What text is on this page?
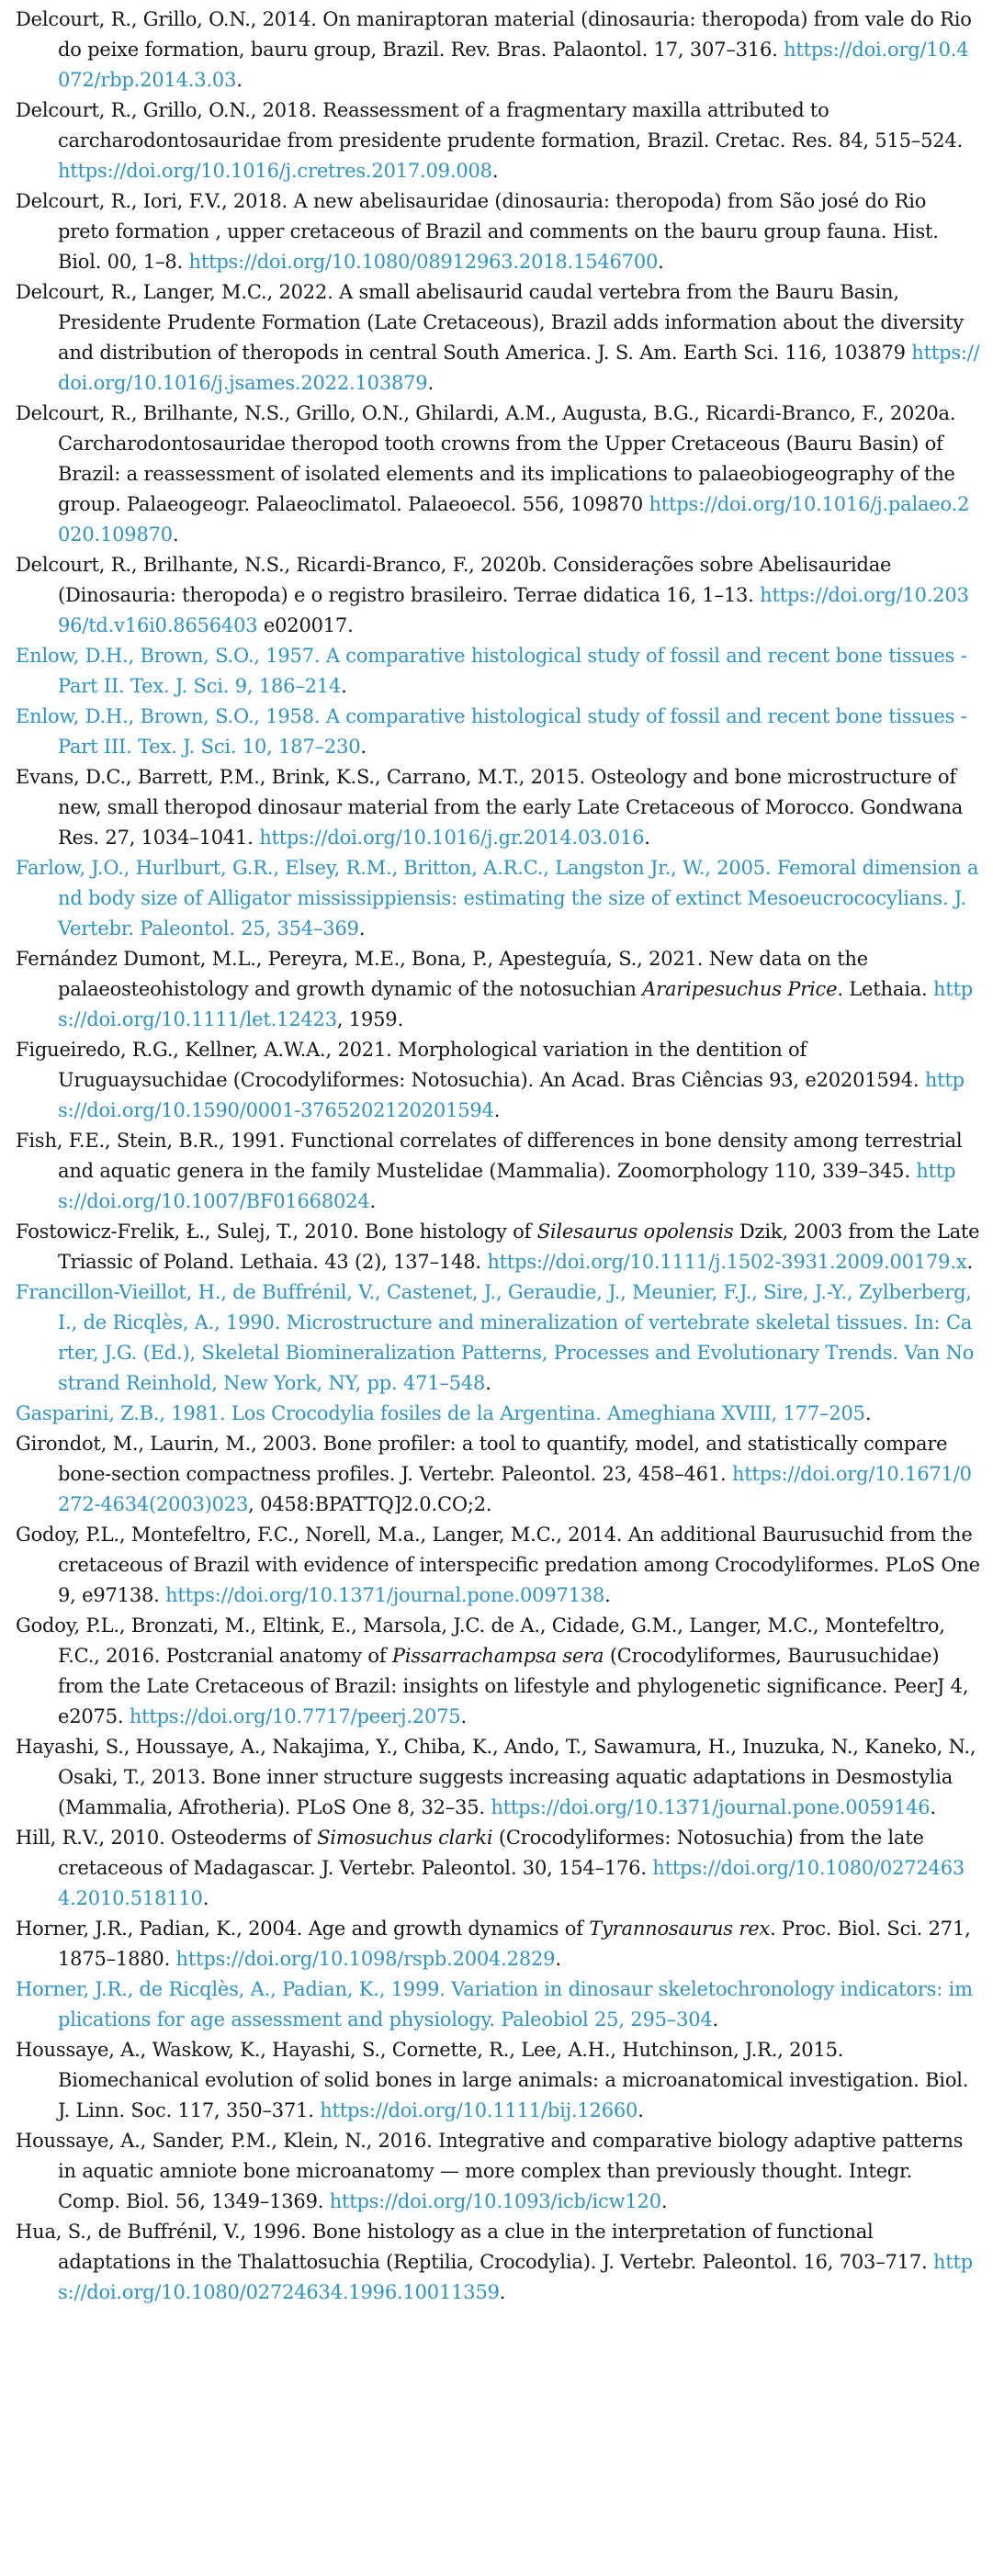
Delcourt, R., Grillo, O.N., 2014. On maniraptoran material (dinosauria: theropoda) from vale do Rio do peixe formation, bauru group, Brazil. Rev. Bras. Palaontol. 17, 307–316. https://doi.org/10.4072/rbp.2014.3.03.

Delcourt, R., Grillo, O.N., 2018. Reassessment of a fragmentary maxilla attributed to carcharodontosauridae from presidente prudente formation, Brazil. Cretac. Res. 84, 515–524. https://doi.org/10.1016/j.cretres.2017.09.008.

Delcourt, R., Iori, F.V., 2018. A new abelisauridae (dinosauria: theropoda) from São josé do Rio preto formation , upper cretaceous of Brazil and comments on the bauru group fauna. Hist. Biol. 00, 1–8. https://doi.org/10.1080/08912963.2018.1546700.

Delcourt, R., Langer, M.C., 2022. A small abelisaurid caudal vertebra from the Bauru Basin, Presidente Prudente Formation (Late Cretaceous), Brazil adds information about the diversity and distribution of theropods in central South America. J. S. Am. Earth Sci. 116, 103879 https://doi.org/10.1016/j.jsames.2022.103879.

Delcourt, R., Brilhante, N.S., Grillo, O.N., Ghilardi, A.M., Augusta, B.G., Ricardi-Branco, F., 2020a. Carcharodontosauridae theropod tooth crowns from the Upper Cretaceous (Bauru Basin) of Brazil: a reassessment of isolated elements and its implications to palaeobiogeography of the group. Palaeogeogr. Palaeoclimatol. Palaeoecol. 556, 109870 https://doi.org/10.1016/j.palaeo.2020.109870.

Delcourt, R., Brilhante, N.S., Ricardi-Branco, F., 2020b. Considerações sobre Abelisauridae (Dinosauria: theropoda) e o registro brasileiro. Terrae didatica 16, 1–13. https://doi.org/10.20396/td.v16i0.8656403 e020017.

Enlow, D.H., Brown, S.O., 1957. A comparative histological study of fossil and recent bone tissues - Part II. Tex. J. Sci. 9, 186–214.

Enlow, D.H., Brown, S.O., 1958. A comparative histological study of fossil and recent bone tissues - Part III. Tex. J. Sci. 10, 187–230.

Evans, D.C., Barrett, P.M., Brink, K.S., Carrano, M.T., 2015. Osteology and bone microstructure of new, small theropod dinosaur material from the early Late Cretaceous of Morocco. Gondwana Res. 27, 1034–1041. https://doi.org/10.1016/j.gr.2014.03.016.

Farlow, J.O., Hurlburt, G.R., Elsey, R.M., Britton, A.R.C., Langston Jr., W., 2005. Femoral dimension and body size of Alligator mississippiensis: estimating the size of extinct Mesoeucrococylians. J. Vertebr. Paleontol. 25, 354–369.

Fernández Dumont, M.L., Pereyra, M.E., Bona, P., Apesteguía, S., 2021. New data on the palaeosteohistology and growth dynamic of the notosuchian Araripesuchus Price. Lethaia. https://doi.org/10.1111/let.12423, 1959.

Figueiredo, R.G., Kellner, A.W.A., 2021. Morphological variation in the dentition of Uruguaysuchidae (Crocodyliformes: Notosuchia). An Acad. Bras Ciências 93, e20201594. https://doi.org/10.1590/0001-3765202120201594.

Fish, F.E., Stein, B.R., 1991. Functional correlates of differences in bone density among terrestrial and aquatic genera in the family Mustelidae (Mammalia). Zoomorphology 110, 339–345. https://doi.org/10.1007/BF01668024.

Fostowicz-Frelik, Ł., Sulej, T., 2010. Bone histology of Silesaurus opolensis Dzik, 2003 from the Late Triassic of Poland. Lethaia. 43 (2), 137–148. https://doi.org/10.1111/j.1502-3931.2009.00179.x.

Francillon-Vieillot, H., de Buffrénil, V., Castenet, J., Geraudie, J., Meunier, F.J., Sire, J.-Y., Zylberberg, I., de Ricqlès, A., 1990. Microstructure and mineralization of vertebrate skeletal tissues. In: Carter, J.G. (Ed.), Skeletal Biomineralization Patterns, Processes and Evolutionary Trends. Van Nostrand Reinhold, New York, NY, pp. 471–548.

Gasparini, Z.B., 1981. Los Crocodylia fosiles de la Argentina. Ameghiana XVIII, 177–205.

Girondot, M., Laurin, M., 2003. Bone profiler: a tool to quantify, model, and statistically compare bone-section compactness profiles. J. Vertebr. Paleontol. 23, 458–461. https://doi.org/10.1671/0272-4634(2003)023, 0458:BPATTQ]2.0.CO;2.

Godoy, P.L., Montefeltro, F.C., Norell, M.a., Langer, M.C., 2014. An additional Baurusuchid from the cretaceous of Brazil with evidence of interspecific predation among Crocodyliformes. PLoS One 9, e97138. https://doi.org/10.1371/journal.pone.0097138.

Godoy, P.L., Bronzati, M., Eltink, E., Marsola, J.C. de A., Cidade, G.M., Langer, M.C., Montefeltro, F.C., 2016. Postcranial anatomy of Pissarrachampsa sera (Crocodyliformes, Baurusuchidae) from the Late Cretaceous of Brazil: insights on lifestyle and phylogenetic significance. PeerJ 4, e2075. https://doi.org/10.7717/peerj.2075.

Hayashi, S., Houssaye, A., Nakajima, Y., Chiba, K., Ando, T., Sawamura, H., Inuzuka, N., Kaneko, N., Osaki, T., 2013. Bone inner structure suggests increasing aquatic adaptations in Desmostylia (Mammalia, Afrotheria). PLoS One 8, 32–35. https://doi.org/10.1371/journal.pone.0059146.

Hill, R.V., 2010. Osteoderms of Simosuchus clarki (Crocodyliformes: Notosuchia) from the late cretaceous of Madagascar. J. Vertebr. Paleontol. 30, 154–176. https://doi.org/10.1080/02724634.2010.518110.

Horner, J.R., Padian, K., 2004. Age and growth dynamics of Tyrannosaurus rex. Proc. Biol. Sci. 271, 1875–1880. https://doi.org/10.1098/rspb.2004.2829.

Horner, J.R., de Ricqlès, A., Padian, K., 1999. Variation in dinosaur skeletochronology indicators: implications for age assessment and physiology. Paleobiol 25, 295–304.

Houssaye, A., Waskow, K., Hayashi, S., Cornette, R., Lee, A.H., Hutchinson, J.R., 2015. Biomechanical evolution of solid bones in large animals: a microanatomical investigation. Biol. J. Linn. Soc. 117, 350–371. https://doi.org/10.1111/bij.12660.

Houssaye, A., Sander, P.M., Klein, N., 2016. Integrative and comparative biology adaptive patterns in aquatic amniote bone microanatomy — more complex than previously thought. Integr. Comp. Biol. 56, 1349–1369. https://doi.org/10.1093/icb/icw120.

Hua, S., de Buffrénil, V., 1996. Bone histology as a clue in the interpretation of functional adaptations in the Thalattosuchia (Reptilia, Crocodylia). J. Vertebr. Paleontol. 16, 703–717. https://doi.org/10.1080/02724634.1996.10011359.
